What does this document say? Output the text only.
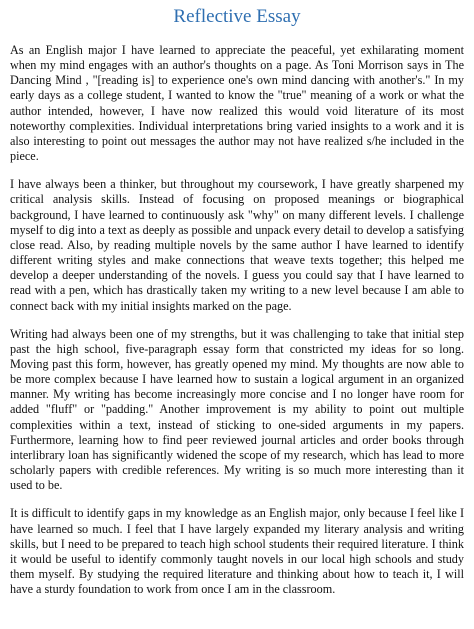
Reflective Essay

As an English major I have learned to appreciate the peaceful, yet exhilarating moment when my mind engages with an author's thoughts on a page. As Toni Morrison says in The Dancing Mind , "[reading is] to experience one's own mind dancing with another's." In my early days as a college student, I wanted to know the "true" meaning of a work or what the author intended, however, I have now realized this would void literature of its most noteworthy complexities. Individual interpretations bring varied insights to a work and it is also interesting to point out messages the author may not have realized s/he included in the piece.

I have always been a thinker, but throughout my coursework, I have greatly sharpened my critical analysis skills. Instead of focusing on proposed meanings or biographical background, I have learned to continuously ask "why" on many different levels. I challenge myself to dig into a text as deeply as possible and unpack every detail to develop a satisfying close read. Also, by reading multiple novels by the same author I have learned to identify different writing styles and make connections that weave texts together; this helped me develop a deeper understanding of the novels. I guess you could say that I have learned to read with a pen, which has drastically taken my writing to a new level because I am able to connect back with my initial insights marked on the page.

Writing had always been one of my strengths, but it was challenging to take that initial step past the high school, five-paragraph essay form that constricted my ideas for so long. Moving past this form, however, has greatly opened my mind. My thoughts are now able to be more complex because I have learned how to sustain a logical argument in an organized manner. My writing has become increasingly more concise and I no longer have room for added "fluff" or "padding." Another improvement is my ability to point out multiple complexities within a text, instead of sticking to one-sided arguments in my papers. Furthermore, learning how to find peer reviewed journal articles and order books through interlibrary loan has significantly widened the scope of my research, which has lead to more scholarly papers with credible references. My writing is so much more interesting than it used to be.

It is difficult to identify gaps in my knowledge as an English major, only because I feel like I have learned so much. I feel that I have largely expanded my literary analysis and writing skills, but I need to be prepared to teach high school students their required literature. I think it would be useful to identify commonly taught novels in our local high schools and study them myself. By studying the required literature and thinking about how to teach it, I will have a sturdy foundation to work from once I am in the classroom.
